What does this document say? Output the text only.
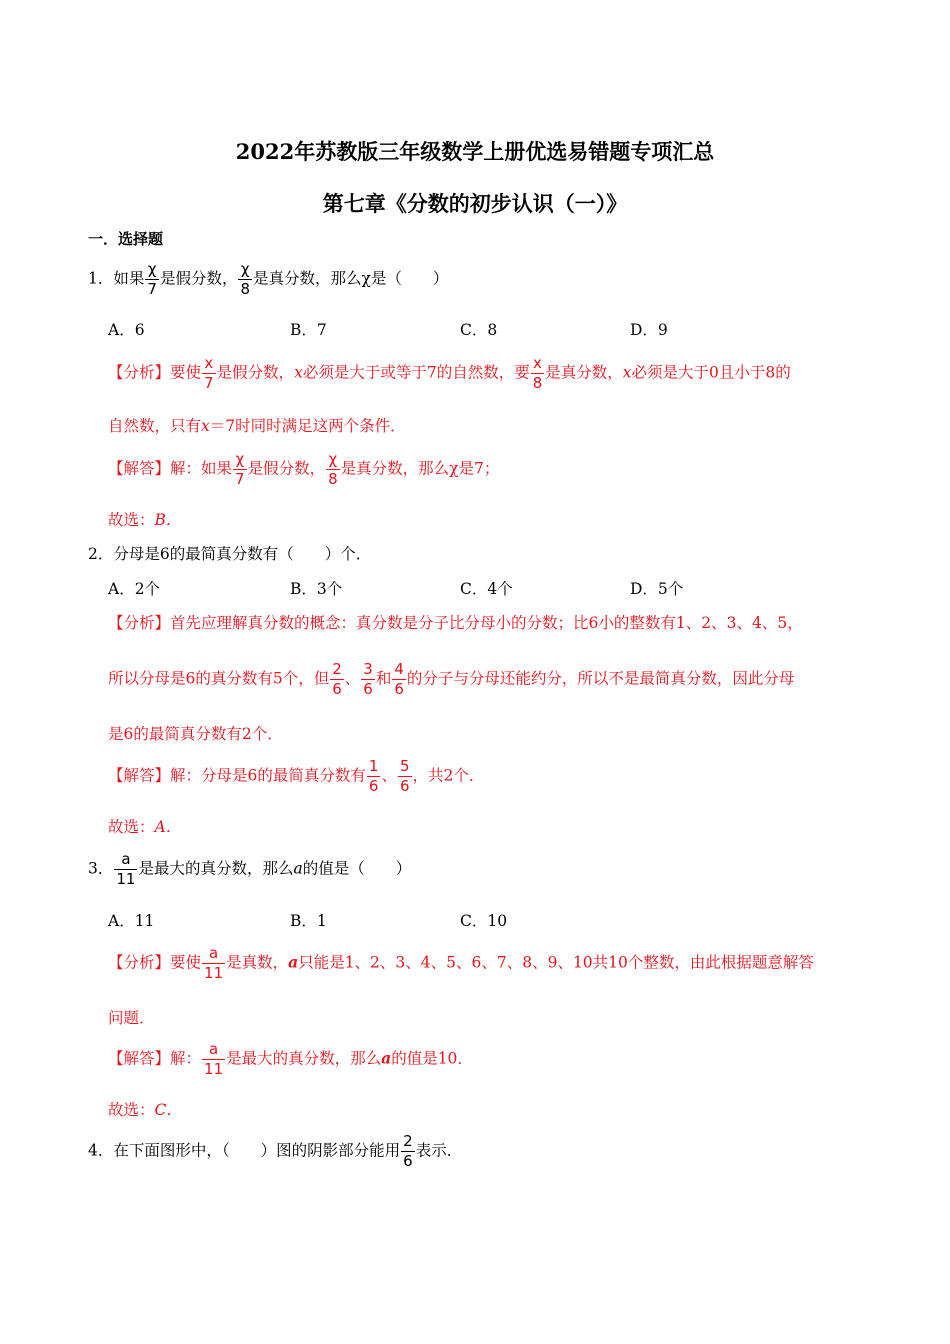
2022年苏教版三年级数学上册优选易错题专项汇总
第七章《分数的初步认识（一）》
一．选择题
1．如果 $\frac{\chi}{7}$ 是假分数， $\frac{\chi}{8}$ 是真分数，那么χ是（　　）
A．6	B．7	C．8	D．9
【分析】要使 $\frac{x}{7}$ 是假分数，x必须是大于或等于7的自然数，要 $\frac{x}{8}$ 是真分数，x必须是大于0且小于8的
自然数，只有x＝7时同时满足这两个条件．
【解答】解：如果 $\frac{\chi}{7}$ 是假分数， $\frac{\chi}{8}$ 是真分数，那么χ是7；
故选：B．
2．分母是6的最简真分数有（　　）个．
A．2个	B．3个	C．4个	D．5个
【分析】首先应理解真分数的概念：真分数是分子比分母小的分数；比6小的整数有1、2、3、4、5，
所以分母是6的真分数有5个，但 $\frac{2}{6}$ 、 $\frac{3}{6}$ 和 $\frac{4}{6}$ 的分子与分母还能约分，所以不是最简真分数，因此分母
是6的最简真分数有2个．
【解答】解：分母是6的最简真分数有 $\frac{1}{6}$ 、 $\frac{5}{6}$ ，共2个．
故选：A．
3． $\frac{a}{11}$ 是最大的真分数，那么a的值是（　　）
A．11	B．1	C．10
【分析】要使 $\frac{a}{11}$ 是真数，a只能是1、2、3、4、5、6、7、8、9、10共10个整数，由此根据题意解答
问题．
【解答】解： $\frac{a}{11}$ 是最大的真分数，那么a的值是10．
故选：C．
4．在下面图形中，（　　）图的阴影部分能用 $\frac{2}{6}$ 表示．
